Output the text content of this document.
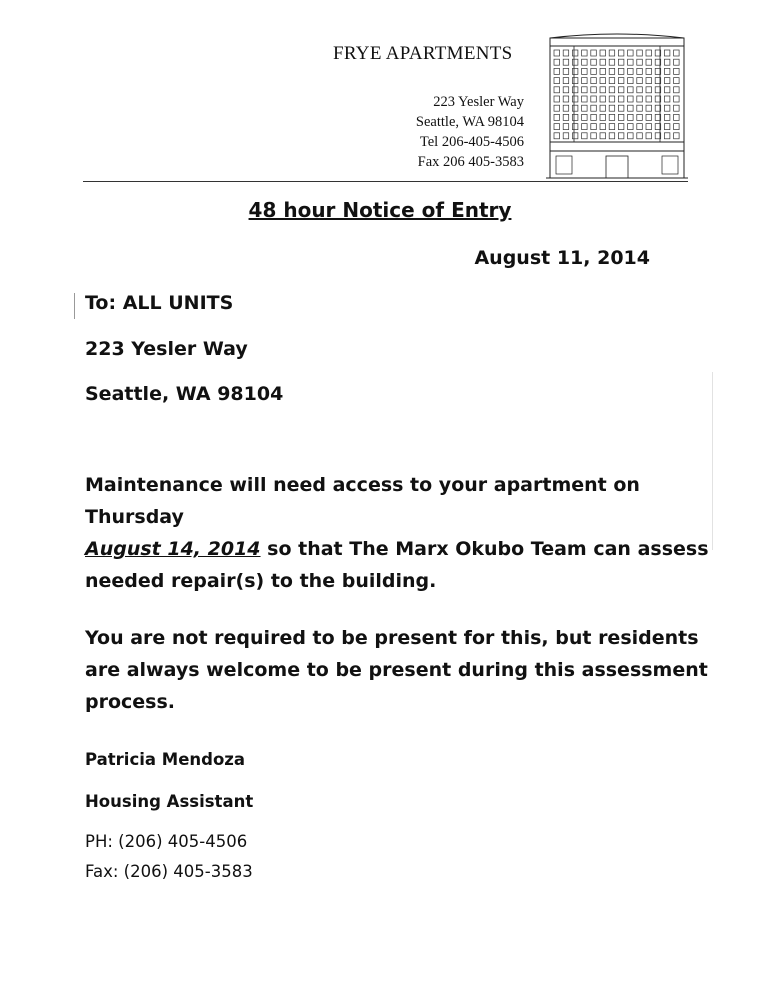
FRYE APARTMENTS
223 Yesler Way
Seattle, WA 98104
Tel 206-405-4506
Fax 206 405-3583
48 hour Notice of Entry
August 11, 2014
To: ALL UNITS
223 Yesler Way
Seattle, WA 98104
Maintenance will need access to your apartment on Thursday
August 14, 2014 so that The Marx Okubo Team can assess needed repair(s) to the building.
You are not required to be present for this, but residents are always welcome to be present during this assessment process.
Patricia Mendoza
Housing Assistant
PH: (206) 405-4506
Fax: (206) 405-3583
